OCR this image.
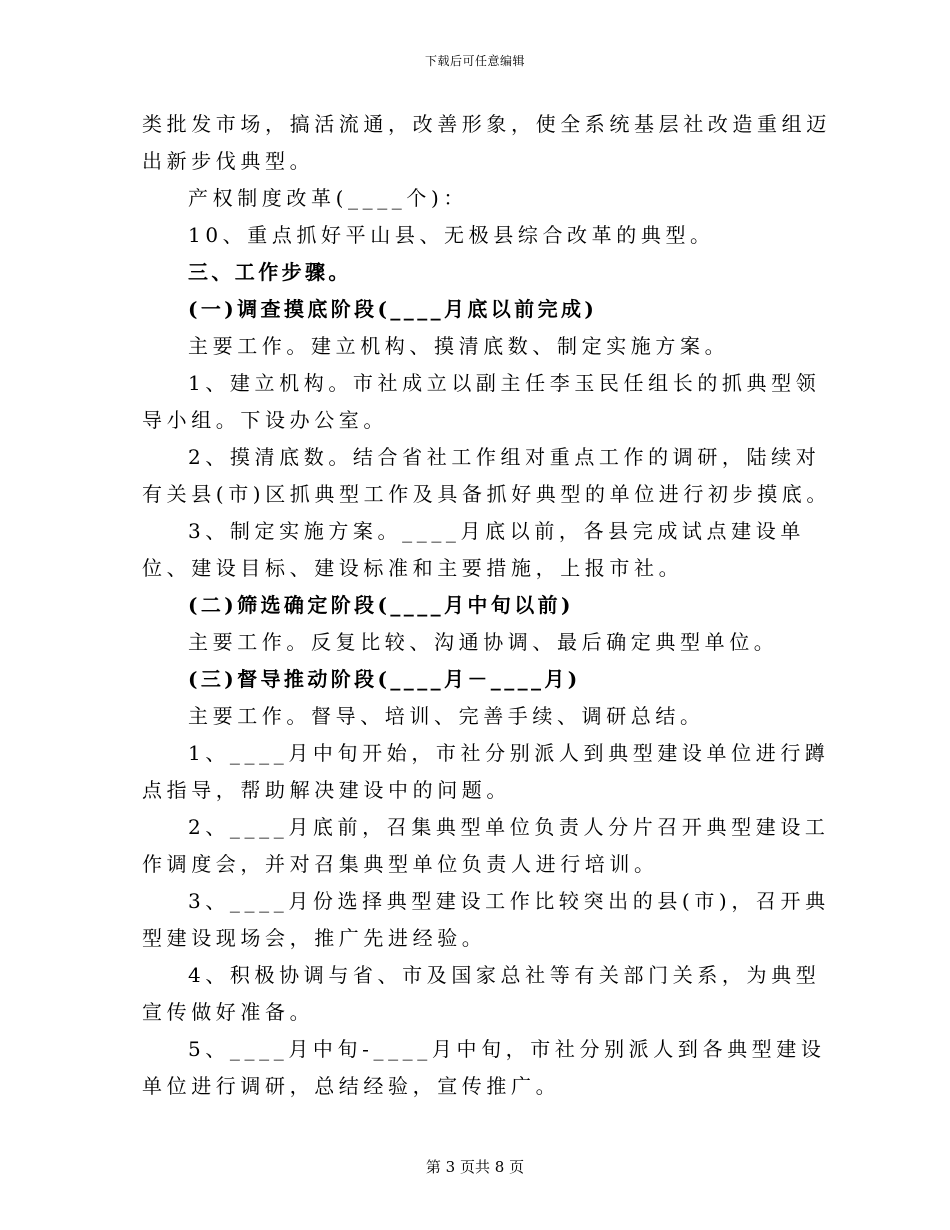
下载后可任意编辑

类批发市场，搞活流通，改善形象，使全系统基层社改造重组迈出新步伐典型。

产权制度改革(____个)：

10、重点抓好平山县、无极县综合改革的典型。

三、工作步骤。

(一)调查摸底阶段(____月底以前完成)

主要工作。建立机构、摸清底数、制定实施方案。

1、建立机构。市社成立以副主任李玉民任组长的抓典型领导小组。下设办公室。

2、摸清底数。结合省社工作组对重点工作的调研，陆续对有关县(市)区抓典型工作及具备抓好典型的单位进行初步摸底。

3、制定实施方案。____月底以前，各县完成试点建设单位、建设目标、建设标准和主要措施，上报市社。

(二)筛选确定阶段(____月中旬以前)

主要工作。反复比较、沟通协调、最后确定典型单位。

(三)督导推动阶段(____月－____月)

主要工作。督导、培训、完善手续、调研总结。

1、____月中旬开始，市社分别派人到典型建设单位进行蹲点指导，帮助解决建设中的问题。

2、____月底前，召集典型单位负责人分片召开典型建设工作调度会，并对召集典型单位负责人进行培训。

3、____月份选择典型建设工作比较突出的县(市)，召开典型建设现场会，推广先进经验。

4、积极协调与省、市及国家总社等有关部门关系，为典型宣传做好准备。

5、____月中旬-____月中旬，市社分别派人到各典型建设单位进行调研，总结经验，宣传推广。

第 3 页共 8 页
